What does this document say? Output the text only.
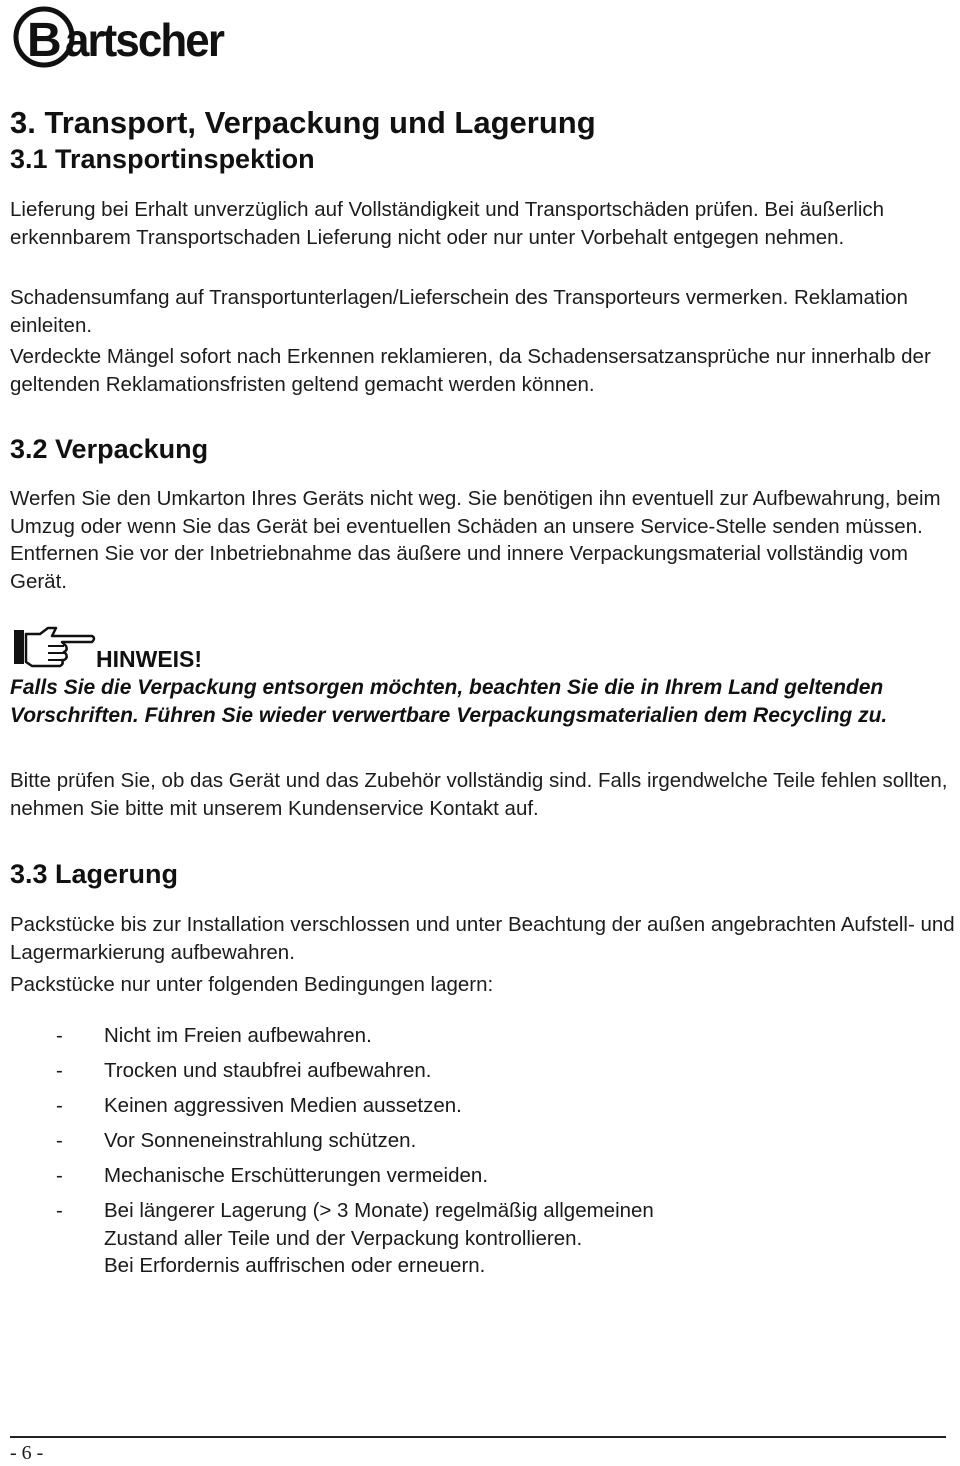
B artscher
3. Transport, Verpackung und Lagerung
3.1 Transportinspektion

Lieferung bei Erhalt unverzüglich auf Vollständigkeit und Transportschäden prüfen. Bei äußerlich erkennbarem Transportschaden Lieferung nicht oder nur unter Vorbehalt entgegen nehmen.

Schadensumfang auf Transportunterlagen/Lieferschein des Transporteurs vermerken. Reklamation einleiten.

Verdeckte Mängel sofort nach Erkennen reklamieren, da Schadensersatzansprüche nur innerhalb der geltenden Reklamationsfristen geltend gemacht werden können.

3.2 Verpackung

Werfen Sie den Umkarton Ihres Geräts nicht weg. Sie benötigen ihn eventuell zur Aufbewahrung, beim Umzug oder wenn Sie das Gerät bei eventuellen Schäden an unsere Service-Stelle senden müssen. Entfernen Sie vor der Inbetriebnahme das äußere und innere Verpackungsmaterial vollständig vom Gerät.

HINWEIS!

Falls Sie die Verpackung entsorgen möchten, beachten Sie die in Ihrem Land geltenden Vorschriften. Führen Sie wieder verwertbare Verpackungsmaterialien dem Recycling zu.

Bitte prüfen Sie, ob das Gerät und das Zubehör vollständig sind. Falls irgendwelche Teile fehlen sollten, nehmen Sie bitte mit unserem Kundenservice Kontakt auf.

3.3 Lagerung

Packstücke bis zur Installation verschlossen und unter Beachtung der außen angebrachten Aufstell- und Lagermarkierung aufbewahren.

Packstücke nur unter folgenden Bedingungen lagern:

- Nicht im Freien aufbewahren.
- Trocken und staubfrei aufbewahren.
- Keinen aggressiven Medien aussetzen.
- Vor Sonneneinstrahlung schützen.
- Mechanische Erschütterungen vermeiden.
- Bei längerer Lagerung (> 3 Monate) regelmäßig allgemeinen
Zustand aller Teile und der Verpackung kontrollieren.
Bei Erfordernis auffrischen oder erneuern.
- 6 -
